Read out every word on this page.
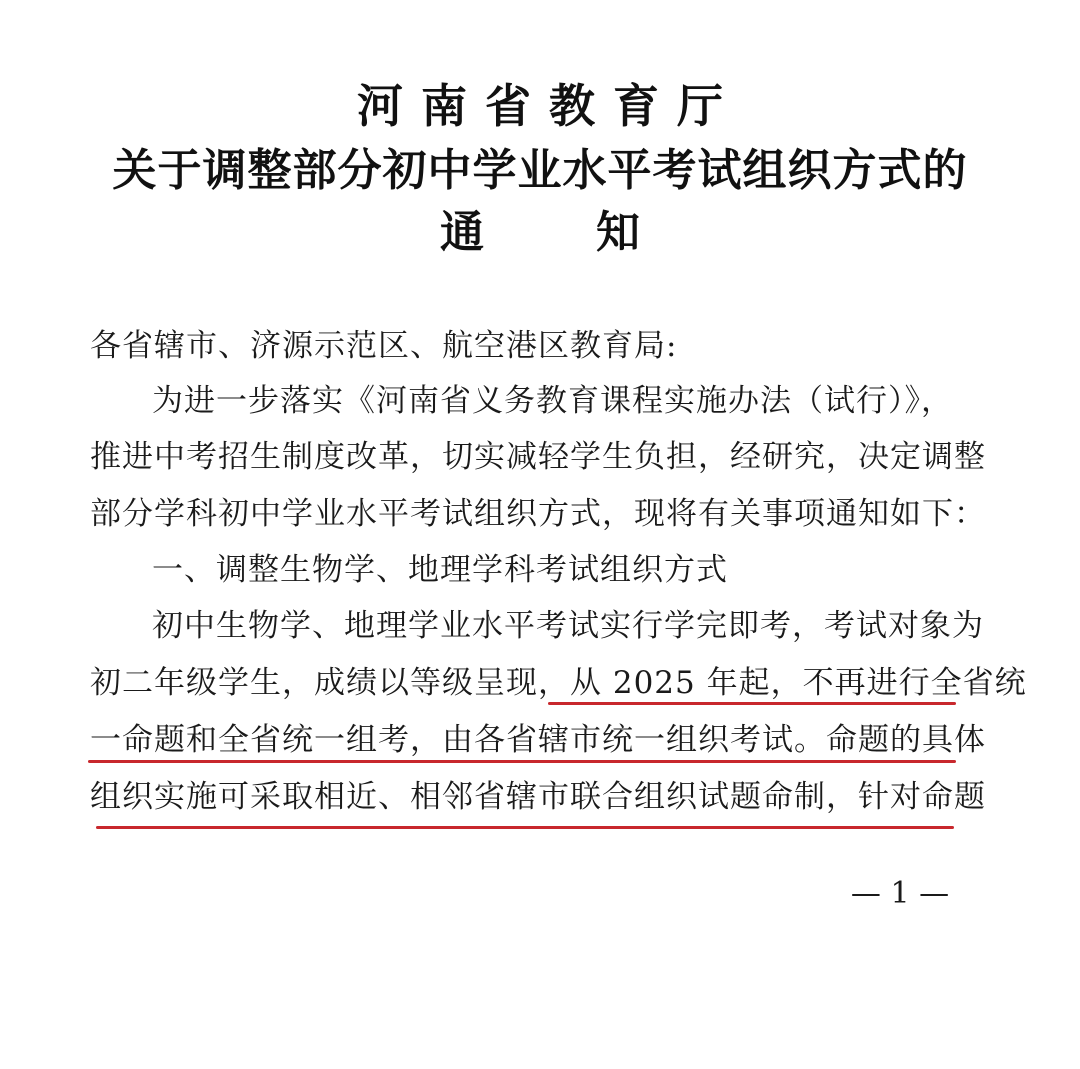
河南省教育厅
关于调整部分初中学业水平考试组织方式的
通	知
各省辖市、济源示范区、航空港区教育局:
为进一步落实《河南省义务教育课程实施办法（试行）》，
推进中考招生制度改革，切实减轻学生负担，经研究，决定调整
部分学科初中学业水平考试组织方式，现将有关事项通知如下：
一、调整生物学、地理学科考试组织方式
初中生物学、地理学业水平考试实行学完即考，考试对象为
初二年级学生，成绩以等级呈现，从 2025 年起，不再进行全省统
一命题和全省统一组考，由各省辖市统一组织考试。命题的具体
组织实施可采取相近、相邻省辖市联合组织试题命制，针对命题
— 1 —
